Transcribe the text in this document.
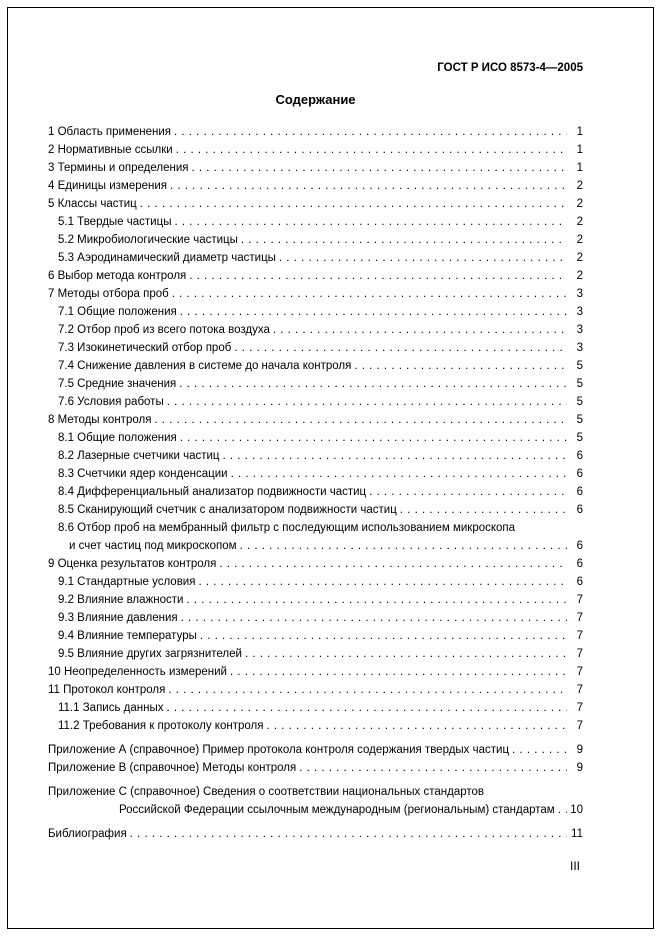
ГОСТ Р ИСО 8573-4—2005
Содержание
1 Область применения . . .	1
2 Нормативные ссылки . . .	1
3 Термины и определения . . .	1
4 Единицы измерения . . .	2
5 Классы частиц . . .	2
5.1 Твердые частицы . . .	2
5.2 Микробиологические частицы . . .	2
5.3 Аэродинамический диаметр частицы . . .	2
6 Выбор метода контроля . . .	2
7 Методы отбора проб . . .	3
7.1 Общие положения . . .	3
7.2 Отбор проб из всего потока воздуха . . .	3
7.3 Изокинетический отбор проб . . .	3
7.4 Снижение давления в системе до начала контроля . . .	5
7.5 Средние значения . . .	5
7.6 Условия работы . . .	5
8 Методы контроля . . .	5
8.1 Общие положения . . .	5
8.2 Лазерные счетчики частиц . . .	6
8.3 Счетчики ядер конденсации . . .	6
8.4 Дифференциальный анализатор подвижности частиц . . .	6
8.5 Сканирующий счетчик с анализатором подвижности частиц . . .	6
8.6 Отбор проб на мембранный фильтр с последующим использованием микроскопа
и счет частиц под микроскопом . . .	6
9 Оценка результатов контроля . . .	6
9.1 Стандартные условия . . .	6
9.2 Влияние влажности . . .	7
9.3 Влияние давления . . .	7
9.4 Влияние температуры . . .	7
9.5 Влияние других загрязнителей . . .	7
10 Неопределенность измерений . . .	7
11 Протокол контроля . . .	7
11.1 Запись данных . . .	7
11.2 Требования к протоколу контроля . . .	7
Приложение А (справочное) Пример протокола контроля содержания твердых частиц . . .	9
Приложение В (справочное) Методы контроля . . .	9
Приложение С (справочное) Сведения о соответствии национальных стандартов
Российской Федерации ссылочным международным (региональным) стандартам . . . 10
Библиография . . .	11
III
